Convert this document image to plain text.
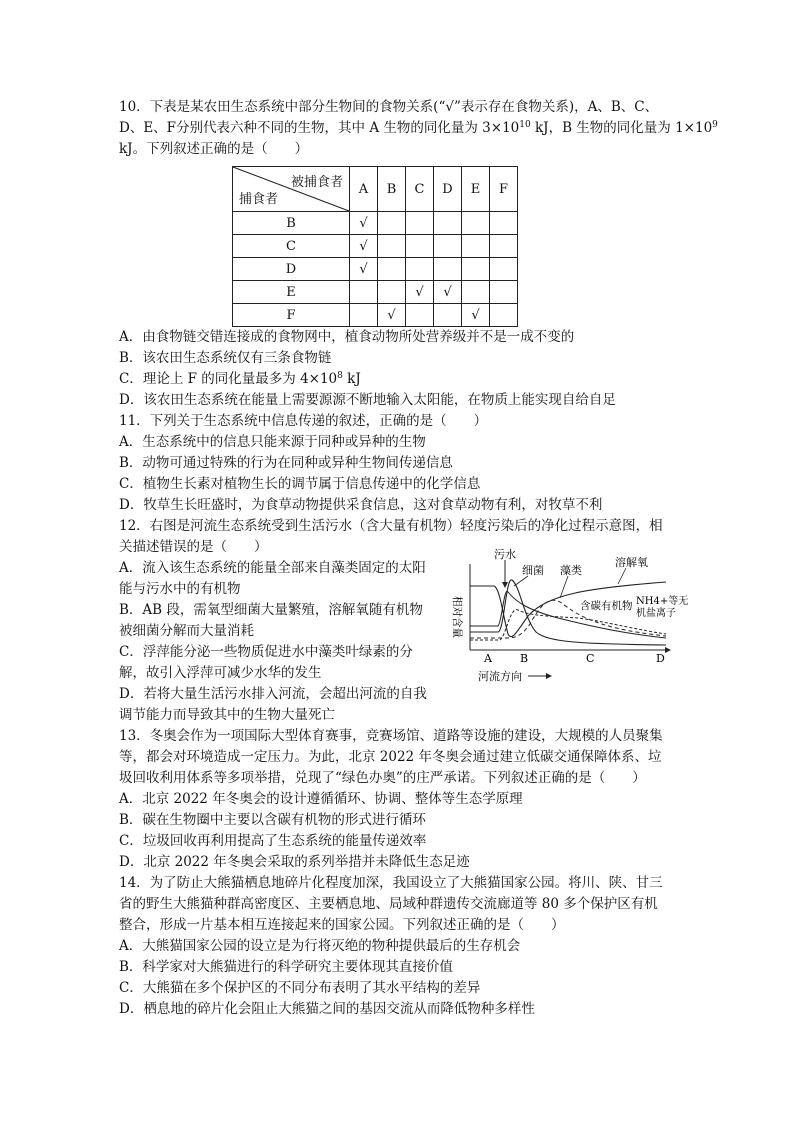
10．下表是某农田生态系统中部分生物间的食物关系(“√”表示存在食物关系)，A、B、C、
D、E、F分别代表六种不同的生物，其中 A 生物的同化量为 $3\times 10^{10}$ kJ，B 生物的同化量为 $1\times 10^9$
kJ。下列叙述正确的是（　　）
被捕食者
捕食者	A	B	C	D	E	F
B	√					
C	√					
D	√					
E			√	√		
F		√			√	
A．由食物链交错连接成的食物网中，植食动物所处营养级并不是一成不变的
B．该农田生态系统仅有三条食物链
C．理论上 F 的同化量最多为 $4\times 10^8$ kJ
D．该农田生态系统在能量上需要源源不断地输入太阳能，在物质上能实现自给自足
11．下列关于生态系统中信息传递的叙述，正确的是（　　）
A．生态系统中的信息只能来源于同种或异种的生物
B．动物可通过特殊的行为在同种或异种生物间传递信息
C．植物生长素对植物生长的调节属于信息传递中的化学信息
D．牧草生长旺盛时，为食草动物提供采食信息，这对食草动物有利，对牧草不利
12．右图是河流生态系统受到生活污水（含大量有机物）轻度污染后的净化过程示意图，相
关描述错误的是（　　）
A．流入该生态系统的能量全部来自藻类固定的太阳
能与污水中的有机物
B．AB 段，需氧型细菌大量繁殖，溶解氧随有机物
被细菌分解而大量消耗
C．浮萍能分泌一些物质促进水中藻类叶绿素的分
解，故引入浮萍可减少水华的发生
D．若将大量生活污水排入河流，会超出河流的自我
调节能力而导致其中的生物大量死亡
污水
细菌 藻类
溶解氧
含碳有机物 NH4+等无
机盐离子
相对含量
A	B	C	D
河流方向
13．冬奥会作为一项国际大型体育赛事，竞赛场馆、道路等设施的建设，大规模的人员聚集
等，都会对环境造成一定压力。为此，北京 2022 年冬奥会通过建立低碳交通保障体系、垃
圾回收利用体系等多项举措，兑现了“绿色办奥”的庄严承诺。下列叙述正确的是（　　）
A．北京 2022 年冬奥会的设计遵循循环、协调、整体等生态学原理
B．碳在生物圈中主要以含碳有机物的形式进行循环
C．垃圾回收再利用提高了生态系统的能量传递效率
D．北京 2022 年冬奥会采取的系列举措并未降低生态足迹
14．为了防止大熊猫栖息地碎片化程度加深，我国设立了大熊猫国家公园。将川、陕、甘三
省的野生大熊猫种群高密度区、主要栖息地、局域种群遗传交流廊道等 80 多个保护区有机
整合，形成一片基本相互连接起来的国家公园。下列叙述正确的是（　　）
A．大熊猫国家公园的设立是为行将灭绝的物种提供最后的生存机会
B．科学家对大熊猫进行的科学研究主要体现其直接价值
C．大熊猫在多个保护区的不同分布表明了其水平结构的差异
D．栖息地的碎片化会阻止大熊猫之间的基因交流从而降低物种多样性
